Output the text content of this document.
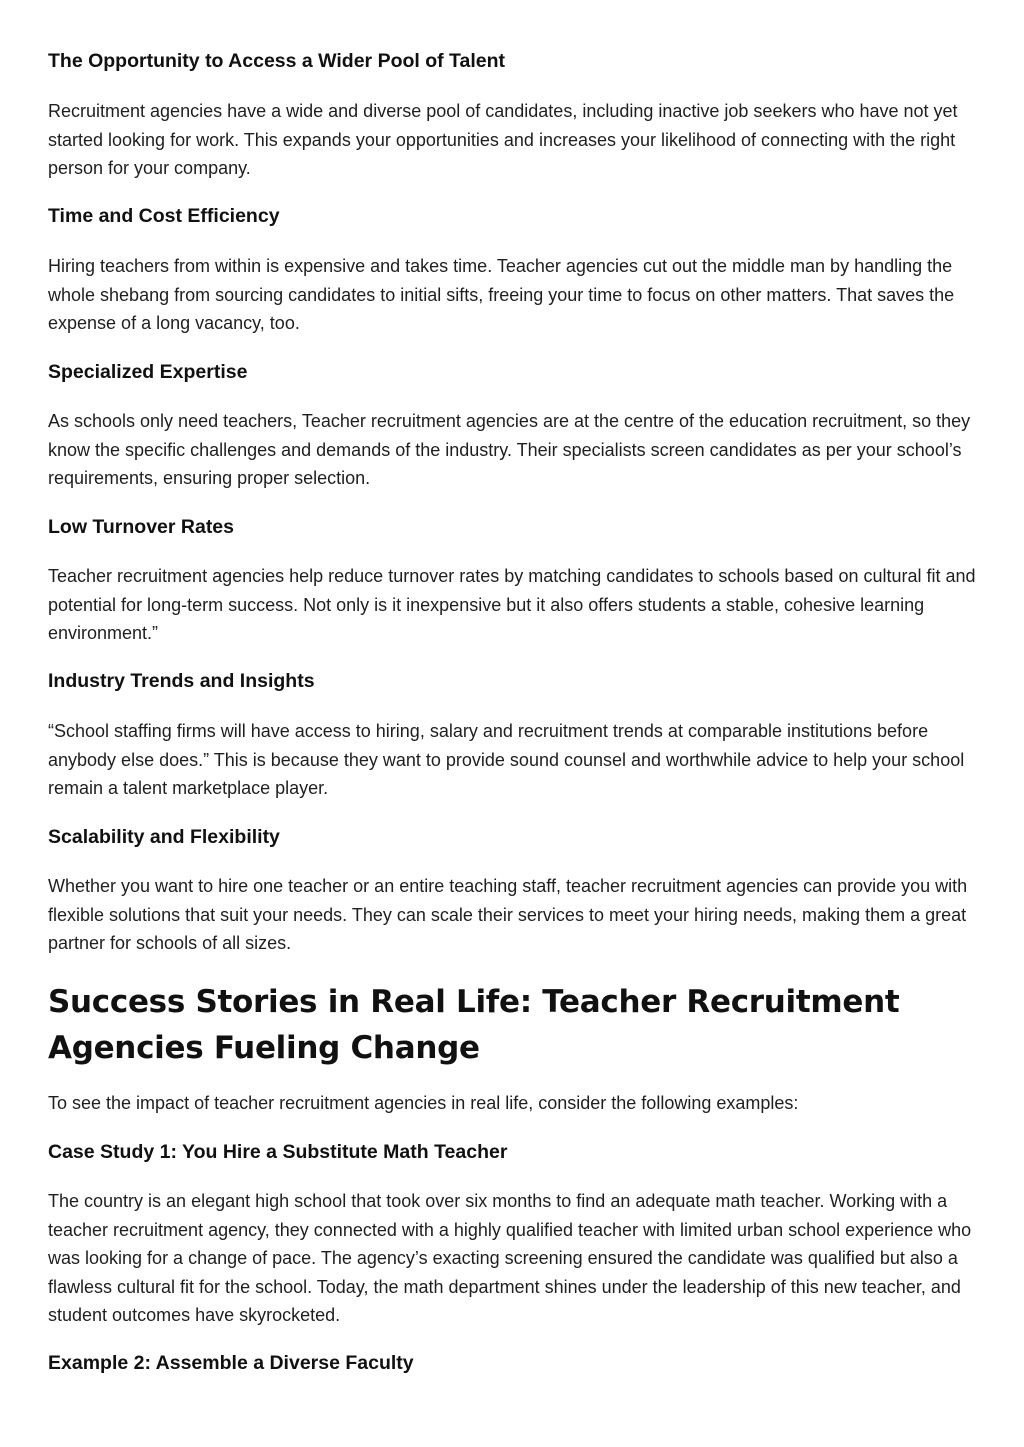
The Opportunity to Access a Wider Pool of Talent

Recruitment agencies have a wide and diverse pool of candidates, including inactive job seekers who have not yet started looking for work. This expands your opportunities and increases your likelihood of connecting with the right person for your company.

Time and Cost Efficiency

Hiring teachers from within is expensive and takes time. Teacher agencies cut out the middle man by handling the whole shebang from sourcing candidates to initial sifts, freeing your time to focus on other matters. That saves the expense of a long vacancy, too.

Specialized Expertise

As schools only need teachers, Teacher recruitment agencies are at the centre of the education recruitment, so they know the specific challenges and demands of the industry. Their specialists screen candidates as per your school’s requirements, ensuring proper selection.

Low Turnover Rates

Teacher recruitment agencies help reduce turnover rates by matching candidates to schools based on cultural fit and potential for long-term success. Not only is it inexpensive but it also offers students a stable, cohesive learning environment.”

Industry Trends and Insights

“School staffing firms will have access to hiring, salary and recruitment trends at comparable institutions before anybody else does.” This is because they want to provide sound counsel and worthwhile advice to help your school remain a talent marketplace player.

Scalability and Flexibility

Whether you want to hire one teacher or an entire teaching staff, teacher recruitment agencies can provide you with flexible solutions that suit your needs. They can scale their services to meet your hiring needs, making them a great partner for schools of all sizes.

Success Stories in Real Life: Teacher Recruitment Agencies Fueling Change

To see the impact of teacher recruitment agencies in real life, consider the following examples:

Case Study 1: You Hire a Substitute Math Teacher

The country is an elegant high school that took over six months to find an adequate math teacher. Working with a teacher recruitment agency, they connected with a highly qualified teacher with limited urban school experience who was looking for a change of pace. The agency’s exacting screening ensured the candidate was qualified but also a flawless cultural fit for the school. Today, the math department shines under the leadership of this new teacher, and student outcomes have skyrocketed.

Example 2: Assemble a Diverse Faculty
